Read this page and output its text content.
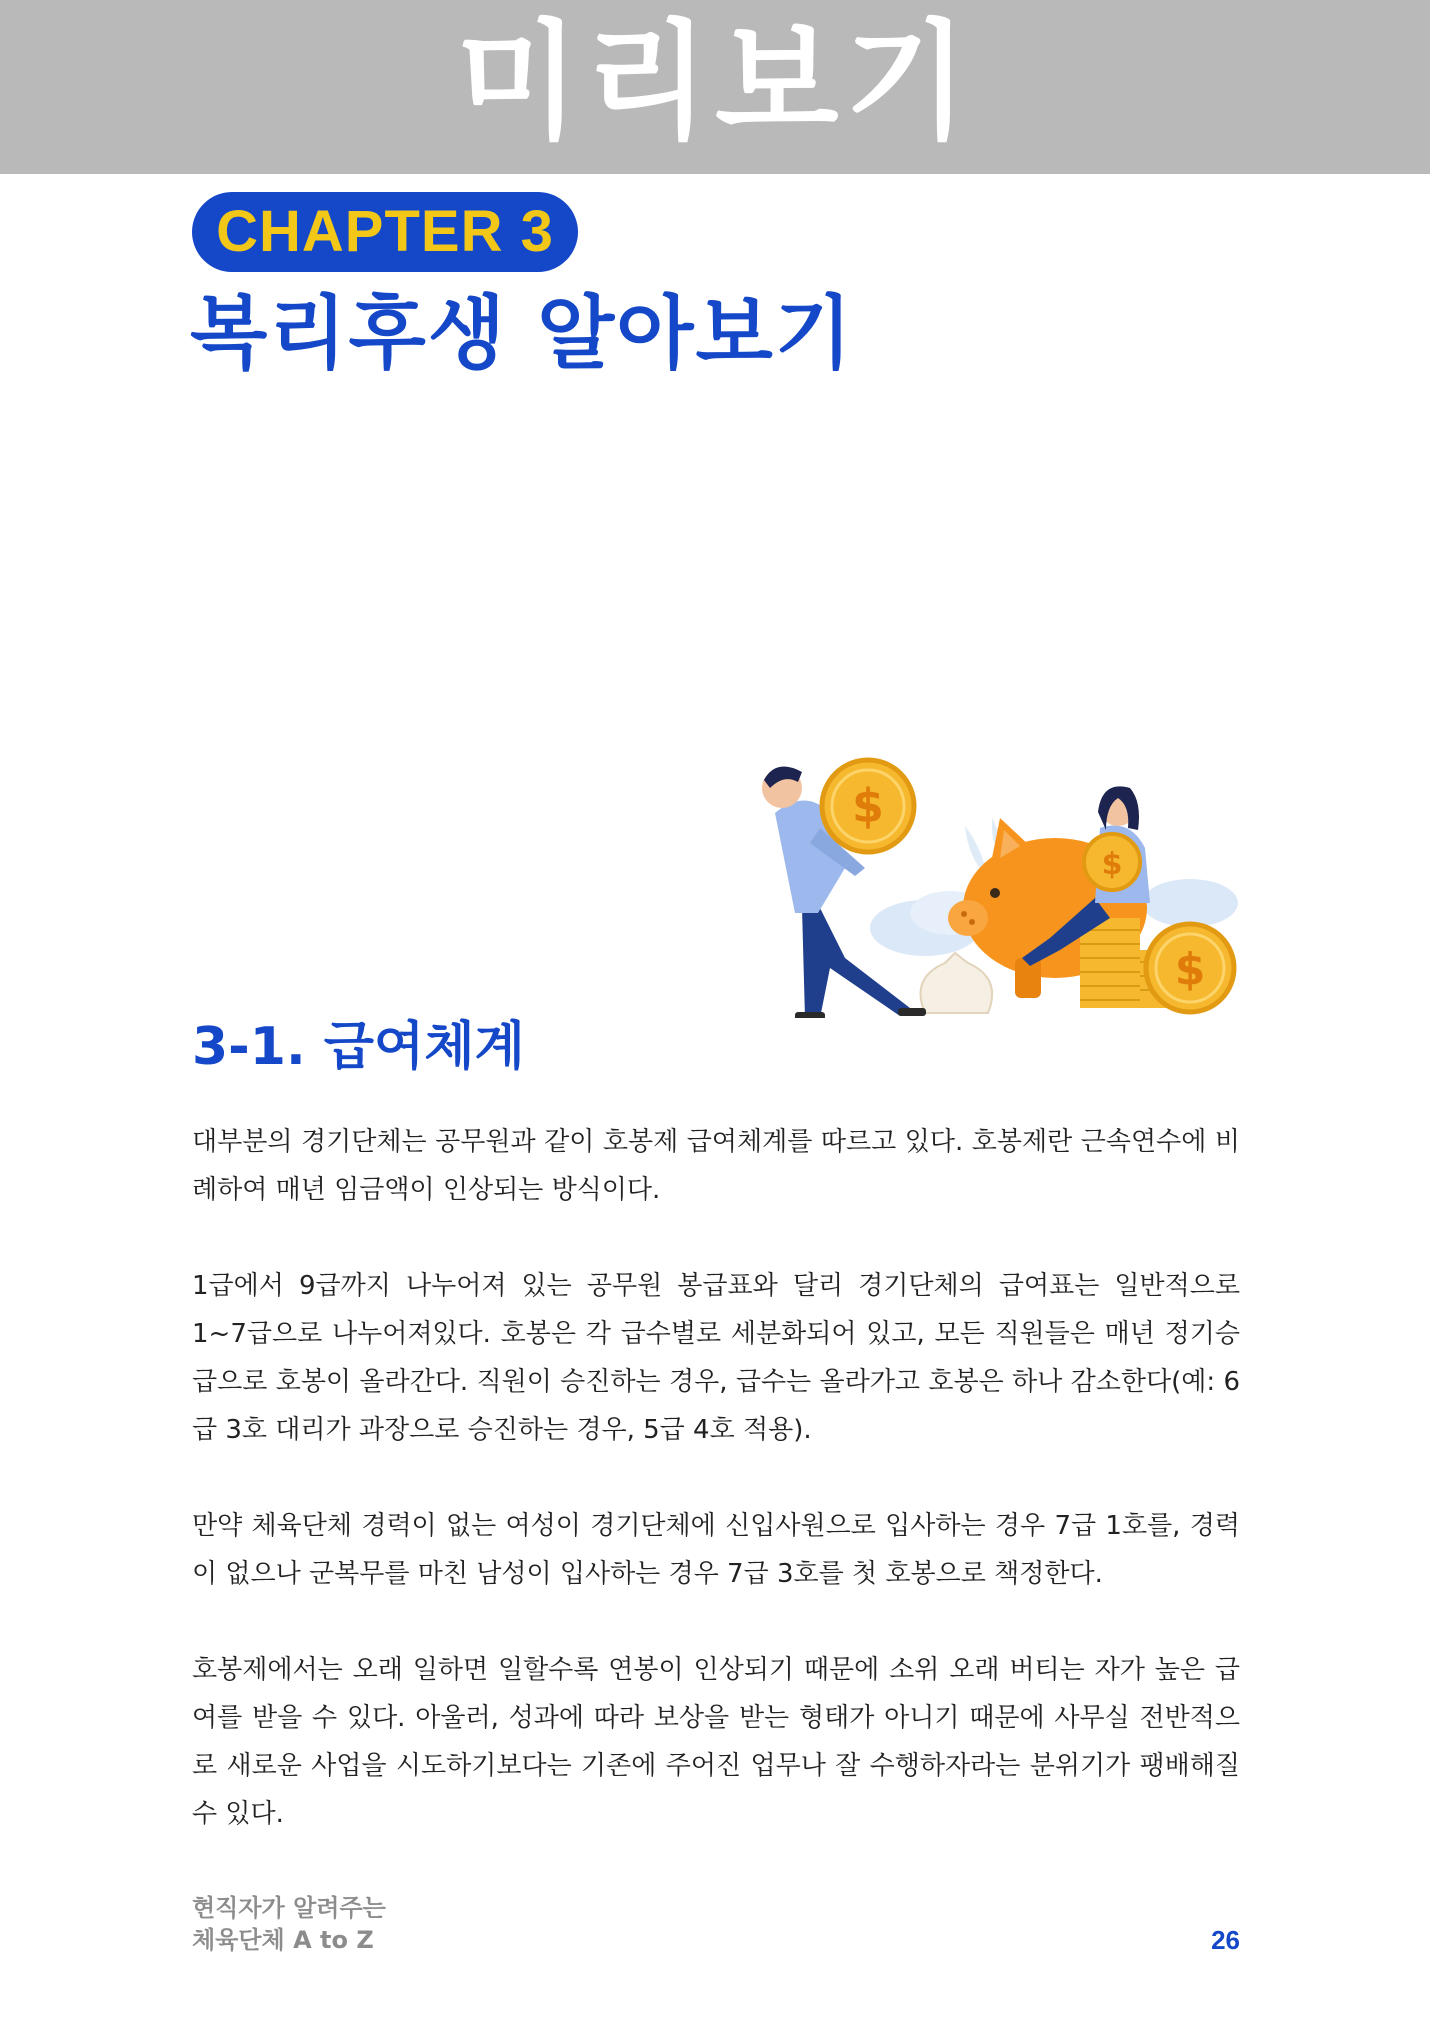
미리보기
CHAPTER 3
복리후생 알아보기
$
$
$
3-1. 급여체계

대부분의 경기단체는 공무원과 같이 호봉제 급여체계를 따르고 있다. 호봉제란 근속연수에 비례하여 매년 임금액이 인상되는 방식이다.

1급에서 9급까지 나누어져 있는 공무원 봉급표와 달리 경기단체의 급여표는 일반적으로 1~7급으로 나누어져있다. 호봉은 각 급수별로 세분화되어 있고, 모든 직원들은 매년 정기승급으로 호봉이 올라간다. 직원이 승진하는 경우, 급수는 올라가고 호봉은 하나 감소한다(예: 6급 3호 대리가 과장으로 승진하는 경우, 5급 4호 적용).

만약 체육단체 경력이 없는 여성이 경기단체에 신입사원으로 입사하는 경우 7급 1호를, 경력이 없으나 군복무를 마친 남성이 입사하는 경우 7급 3호를 첫 호봉으로 책정한다.

호봉제에서는 오래 일하면 일할수록 연봉이 인상되기 때문에 소위 오래 버티는 자가 높은 급여를 받을 수 있다. 아울러, 성과에 따라 보상을 받는 형태가 아니기 때문에 사무실 전반적으로 새로운 사업을 시도하기보다는 기존에 주어진 업무나 잘 수행하자라는 분위기가 팽배해질 수 있다.

현직자가 알려주는
체육단체 A to Z	26
